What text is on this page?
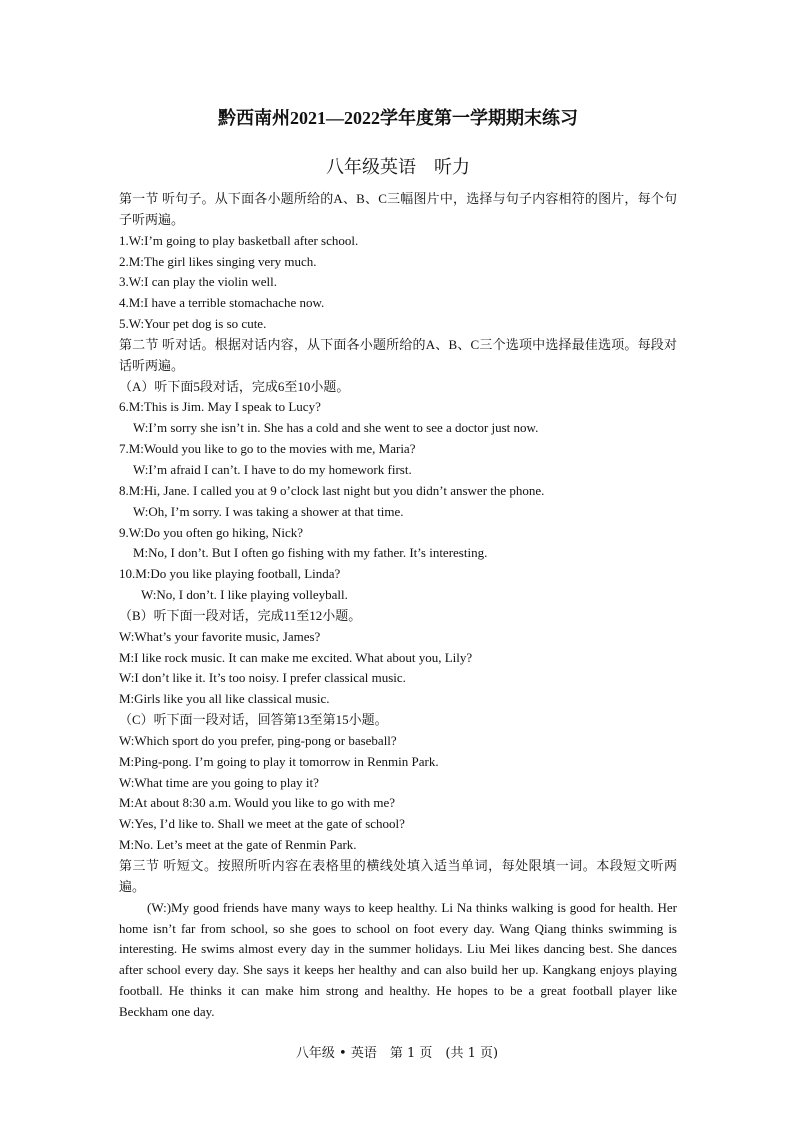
黔西南州2021—2022学年度第一学期期末练习
八年级英语　听力
第一节 听句子。从下面各小题所给的A、B、C三幅图片中，选择与句子内容相符的图片，每个句子听两遍。
1.W:I’m going to play basketball after school.
2.M:The girl likes singing very much.
3.W:I can play the violin well.
4.M:I have a terrible stomachache now.
5.W:Your pet dog is so cute.
第二节 听对话。根据对话内容，从下面各小题所给的A、B、C三个选项中选择最佳选项。每段对话听两遍。
（A）听下面5段对话，完成6至10小题。
6.M:This is Jim. May I speak to Lucy?
W:I’m sorry she isn’t in. She has a cold and she went to see a doctor just now.
7.M:Would you like to go to the movies with me, Maria?
W:I’m afraid I can’t. I have to do my homework first.
8.M:Hi, Jane. I called you at 9 o’clock last night but you didn’t answer the phone.
W:Oh, I’m sorry. I was taking a shower at that time.
9.W:Do you often go hiking, Nick?
M:No, I don’t. But I often go fishing with my father. It’s interesting.
10.M:Do you like playing football, Linda?
W:No, I don’t. I like playing volleyball.
（B）听下面一段对话，完成11至12小题。
W:What’s your favorite music, James?
M:I like rock music. It can make me excited. What about you, Lily?
W:I don’t like it. It’s too noisy. I prefer classical music.
M:Girls like you all like classical music.
（C）听下面一段对话，回答第13至第15小题。
W:Which sport do you prefer, ping-pong or baseball?
M:Ping-pong. I’m going to play it tomorrow in Renmin Park.
W:What time are you going to play it?
M:At about 8:30 a.m. Would you like to go with me?
W:Yes, I’d like to. Shall we meet at the gate of school?
M:No. Let’s meet at the gate of Renmin Park.
第三节 听短文。按照所听内容在表格里的横线处填入适当单词，每处限填一词。本段短文听两遍。
(W:)My good friends have many ways to keep healthy. Li Na thinks walking is good for health. Her home isn’t far from school, so she goes to school on foot every day. Wang Qiang thinks swimming is interesting. He swims almost every day in the summer holidays. Liu Mei likes dancing best. She dances after school every day. She says it keeps her healthy and can also build her up. Kangkang enjoys playing football. He thinks it can make him strong and healthy. He hopes to be a great football player like Beckham one day.
八年级 • 英语　第 1 页　(共 1 页)
